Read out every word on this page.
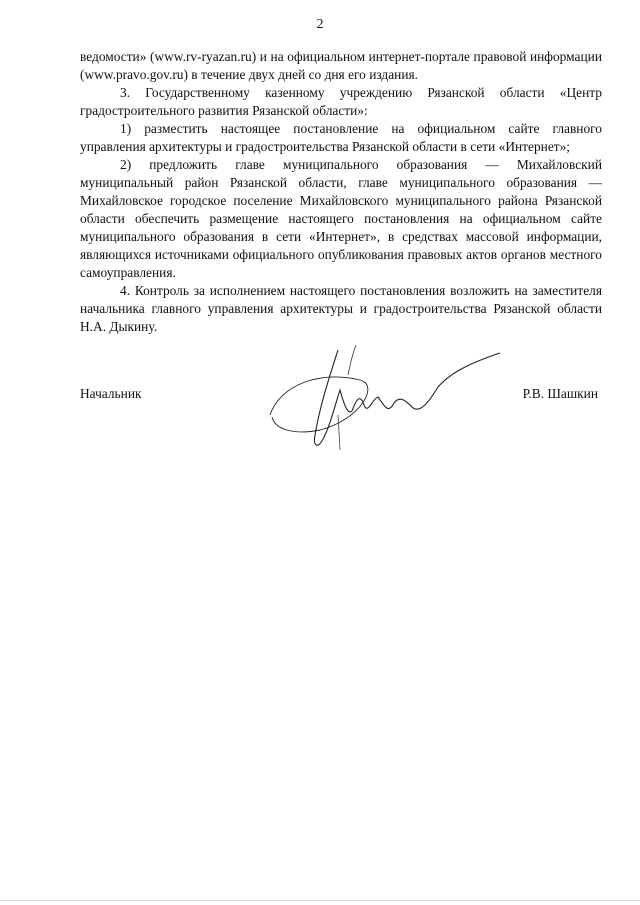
2

ведомости» (www.rv-ryazan.ru) и на официальном интернет-портале правовой информации (www.pravo.gov.ru) в течение двух дней со дня его издания.

3. Государственному казенному учреждению Рязанской области «Центр градостроительного развития Рязанской области»:

1) разместить настоящее постановление на официальном сайте главного управления архитектуры и градостроительства Рязанской области в сети «Интернет»;

2) предложить главе муниципального образования — Михайловский муниципальный район Рязанской области, главе муниципального образования — Михайловское городское поселение Михайловского муниципального района Рязанской области обеспечить размещение настоящего постановления на официальном сайте муниципального образования в сети «Интернет», в средствах массовой информации, являющихся источниками официального опубликования правовых актов органов местного самоуправления.

4. Контроль за исполнением настоящего постановления возложить на заместителя начальника главного управления архитектуры и градостроительства Рязанской области Н.А. Дыкину.

Начальник	Р.В. Шашкин
